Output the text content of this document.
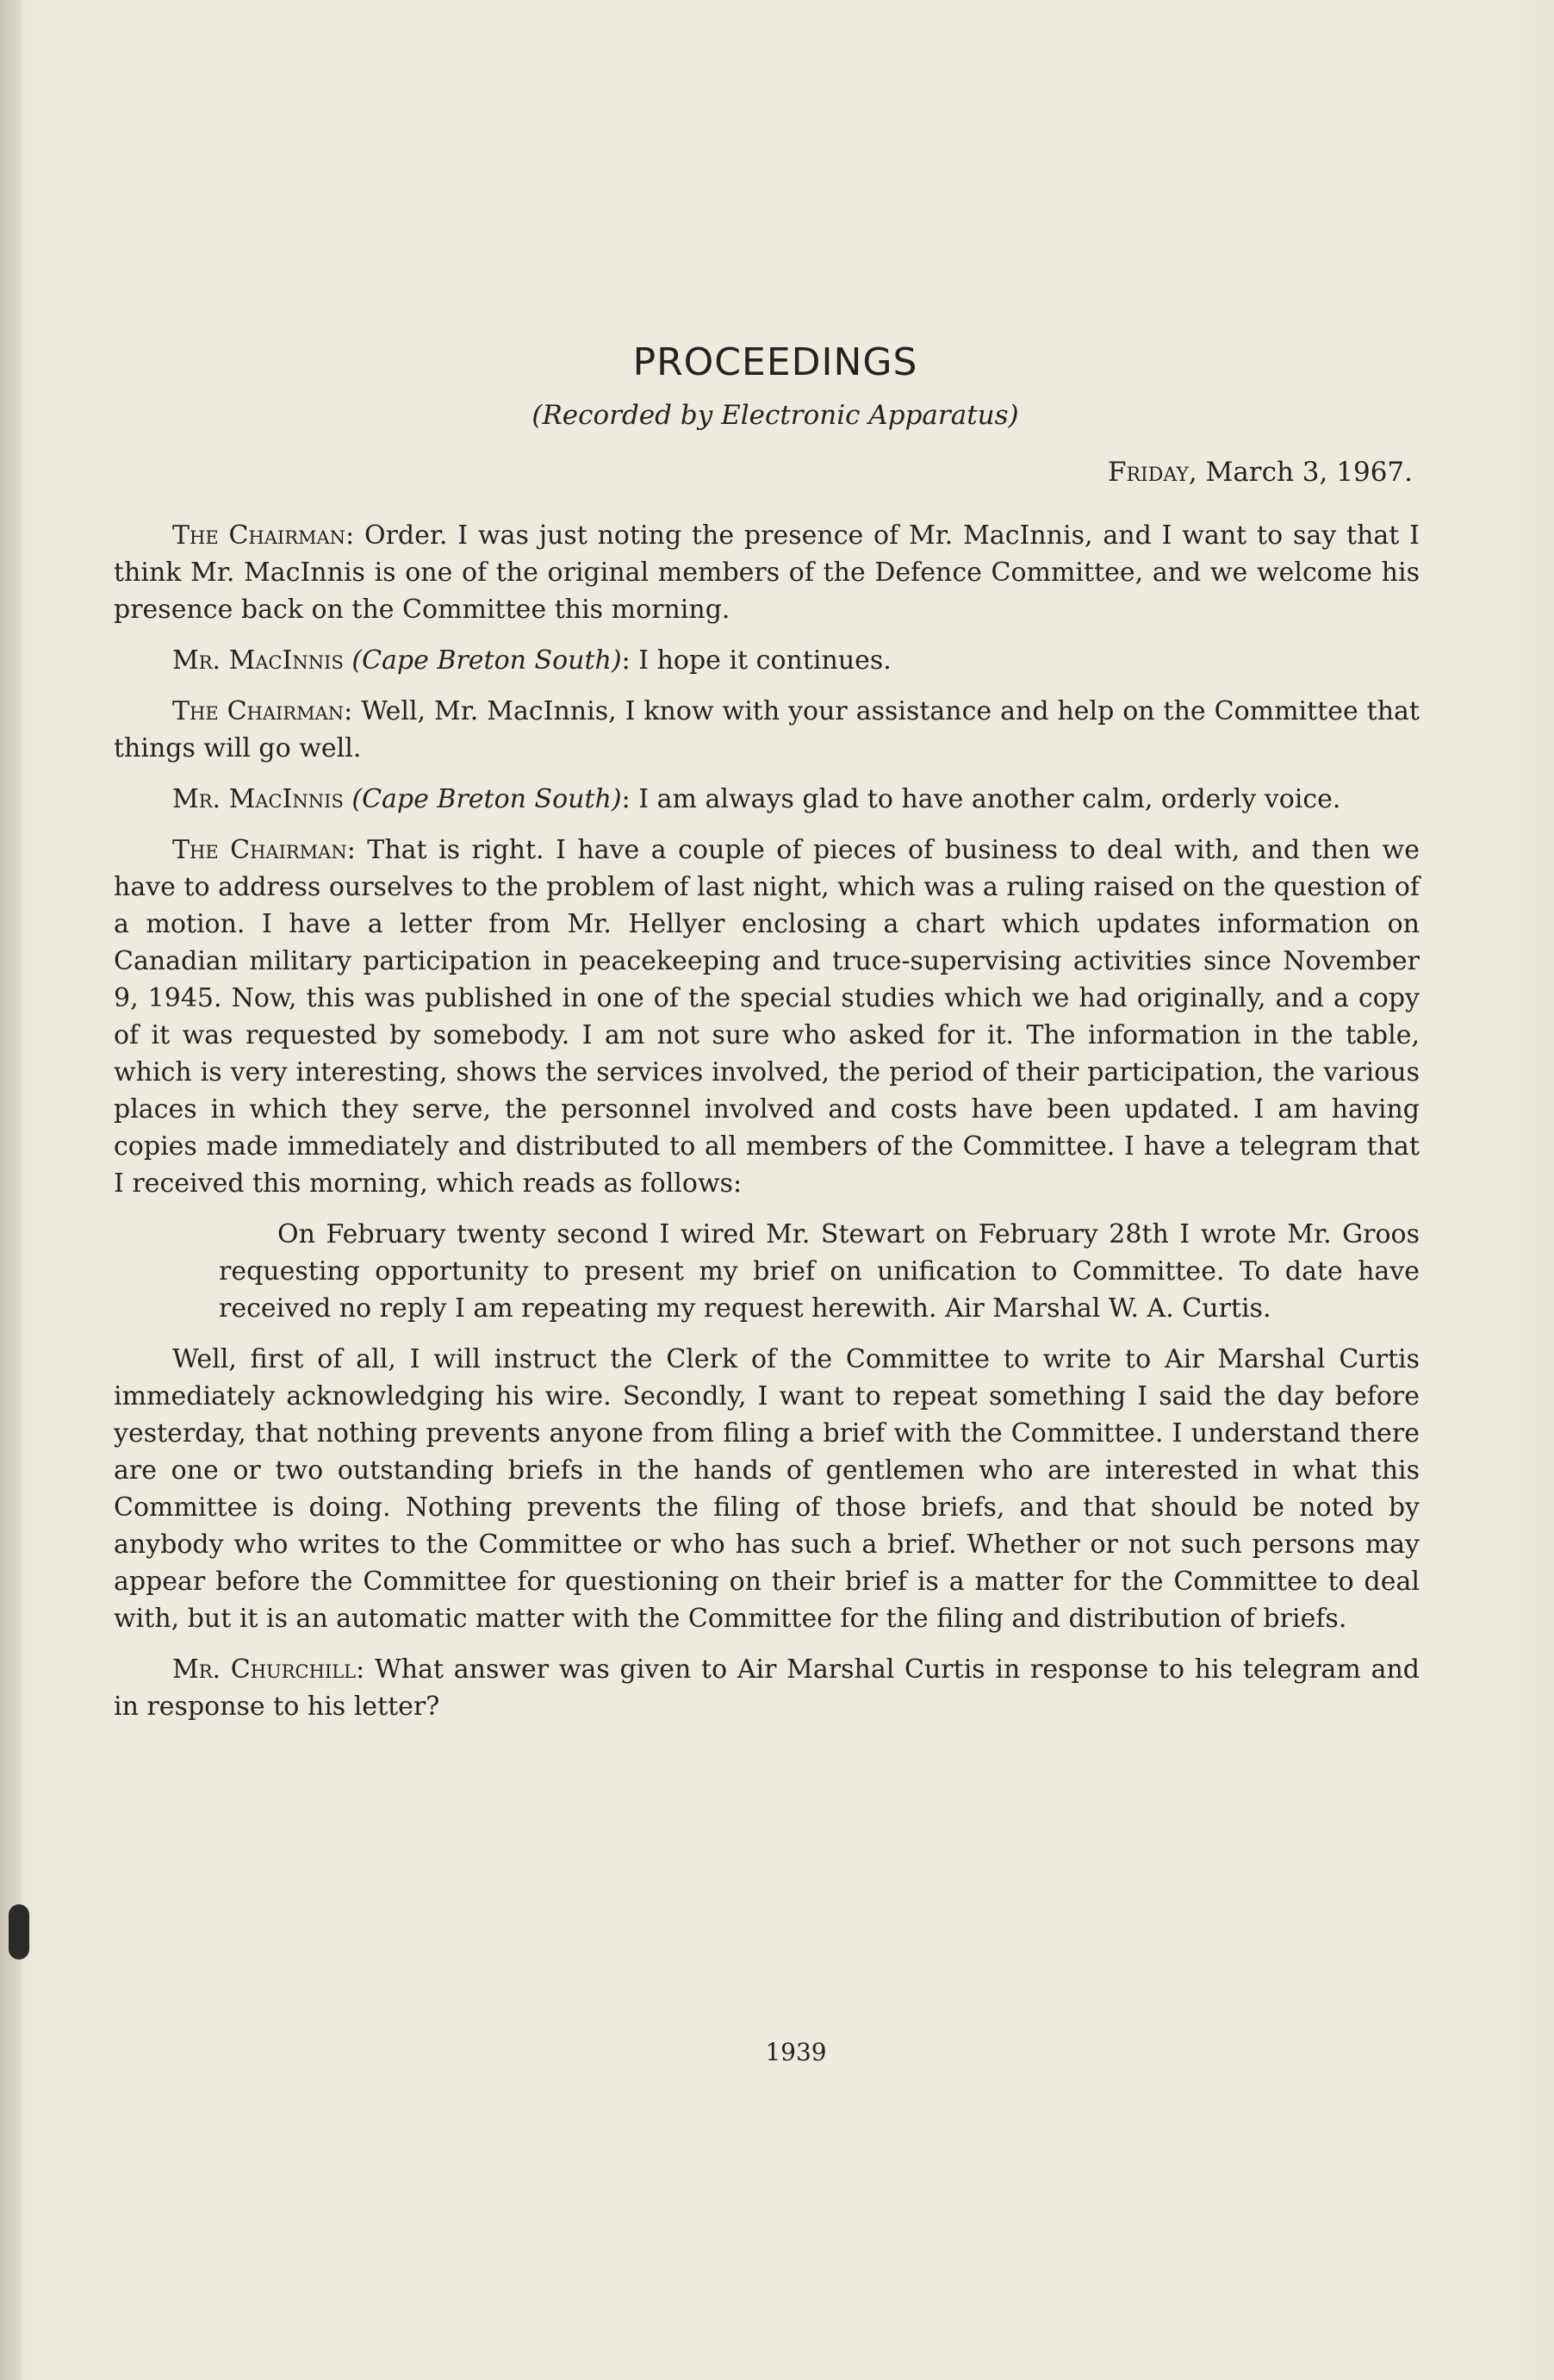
PROCEEDINGS
(Recorded by Electronic Apparatus)
Friday, March 3, 1967.

The Chairman: Order. I was just noting the presence of Mr. MacInnis, and I want to say that I think Mr. MacInnis is one of the original members of the Defence Committee, and we welcome his presence back on the Committee this morning.

Mr. MacInnis (Cape Breton South): I hope it continues.

The Chairman: Well, Mr. MacInnis, I know with your assistance and help on the Committee that things will go well.

Mr. MacInnis (Cape Breton South): I am always glad to have another calm, orderly voice.

The Chairman: That is right. I have a couple of pieces of business to deal with, and then we have to address ourselves to the problem of last night, which was a ruling raised on the question of a motion. I have a letter from Mr. Hellyer enclosing a chart which updates information on Canadian military participation in peacekeeping and truce-supervising activities since November 9, 1945. Now, this was published in one of the special studies which we had originally, and a copy of it was requested by somebody. I am not sure who asked for it. The information in the table, which is very interesting, shows the services involved, the period of their participation, the various places in which they serve, the personnel involved and costs have been updated. I am having copies made immediately and distributed to all members of the Committee. I have a telegram that I received this morning, which reads as follows:

On February twenty second I wired Mr. Stewart on February 28th I wrote Mr. Groos requesting opportunity to present my brief on unification to Committee. To date have received no reply I am repeating my request herewith. Air Marshal W. A. Curtis.

Well, first of all, I will instruct the Clerk of the Committee to write to Air Marshal Curtis immediately acknowledging his wire. Secondly, I want to repeat something I said the day before yesterday, that nothing prevents anyone from filing a brief with the Committee. I understand there are one or two outstanding briefs in the hands of gentlemen who are interested in what this Committee is doing. Nothing prevents the filing of those briefs, and that should be noted by anybody who writes to the Committee or who has such a brief. Whether or not such persons may appear before the Committee for questioning on their brief is a matter for the Committee to deal with, but it is an automatic matter with the Committee for the filing and distribution of briefs.

Mr. Churchill: What answer was given to Air Marshal Curtis in response to his telegram and in response to his letter?

1939
